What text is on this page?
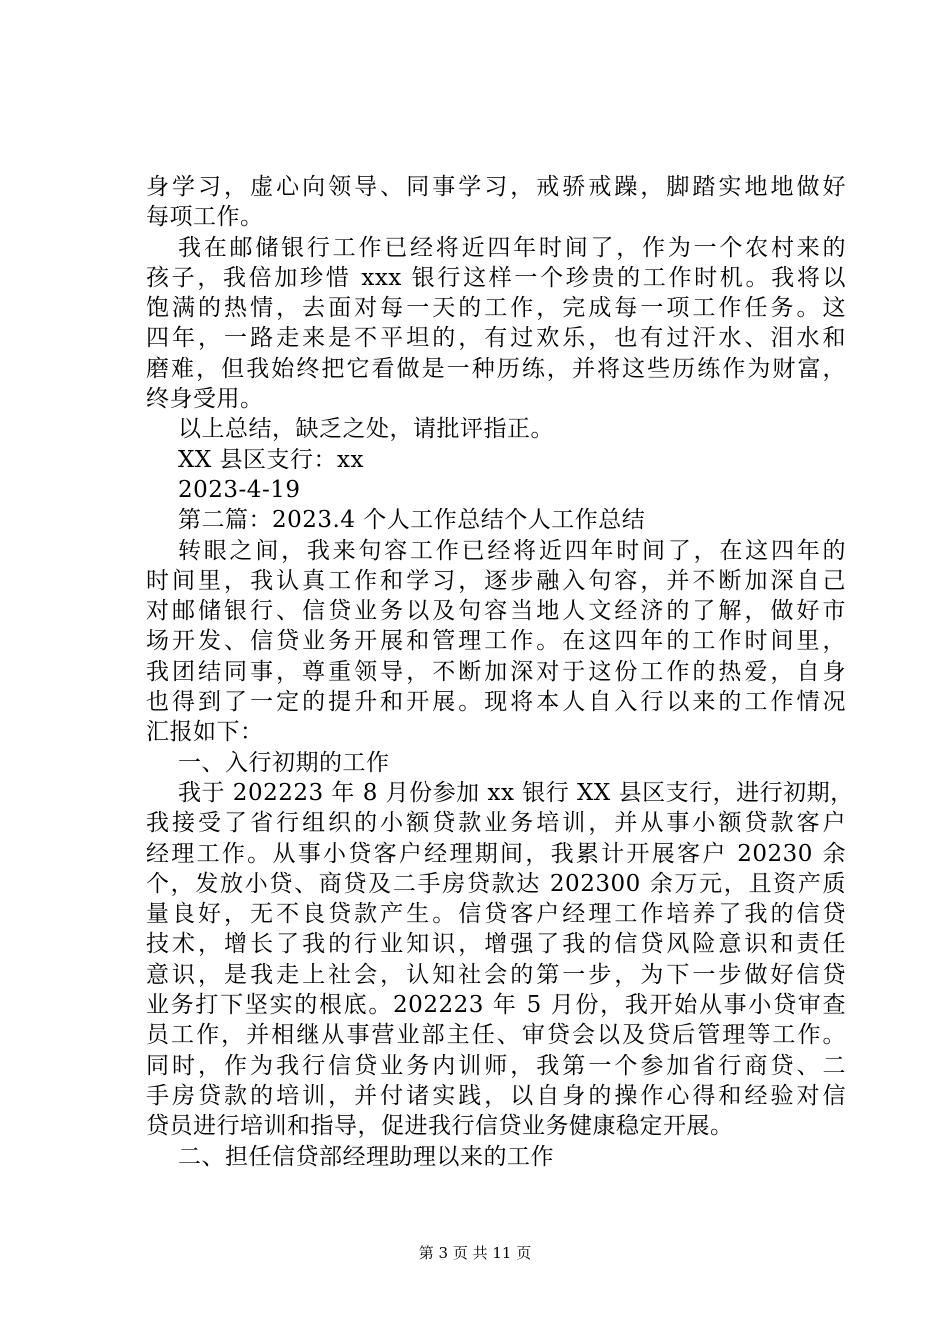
身学习，虚心向领导、同事学习，戒骄戒躁，脚踏实地地做好
每项工作。
我在邮储银行工作已经将近四年时间了，作为一个农村来的
孩子，我倍加珍惜 xxx 银行这样一个珍贵的工作时机。我将以
饱满的热情，去面对每一天的工作，完成每一项工作任务。这
四年，一路走来是不平坦的，有过欢乐，也有过汗水、泪水和
磨难，但我始终把它看做是一种历练，并将这些历练作为财富，
终身受用。
以上总结，缺乏之处，请批评指正。
XX 县区支行：xx
2023-4-19
第二篇：2023.4 个人工作总结个人工作总结
转眼之间，我来句容工作已经将近四年时间了，在这四年的
时间里，我认真工作和学习，逐步融入句容，并不断加深自己
对邮储银行、信贷业务以及句容当地人文经济的了解，做好市
场开发、信贷业务开展和管理工作。在这四年的工作时间里，
我团结同事，尊重领导，不断加深对于这份工作的热爱，自身
也得到了一定的提升和开展。现将本人自入行以来的工作情况
汇报如下：
一、入行初期的工作
我于 202223 年 8 月份参加 xx 银行 XX 县区支行，进行初期，
我接受了省行组织的小额贷款业务培训，并从事小额贷款客户
经理工作。从事小贷客户经理期间，我累计开展客户 20230 余
个，发放小贷、商贷及二手房贷款达 202300 余万元，且资产质
量良好，无不良贷款产生。信贷客户经理工作培养了我的信贷
技术，增长了我的行业知识，增强了我的信贷风险意识和责任
意识，是我走上社会，认知社会的第一步，为下一步做好信贷
业务打下坚实的根底。202223 年 5 月份，我开始从事小贷审查
员工作，并相继从事营业部主任、审贷会以及贷后管理等工作。
同时，作为我行信贷业务内训师，我第一个参加省行商贷、二
手房贷款的培训，并付诸实践，以自身的操作心得和经验对信
贷员进行培训和指导，促进我行信贷业务健康稳定开展。
二、担任信贷部经理助理以来的工作
第 3 页 共 11 页
